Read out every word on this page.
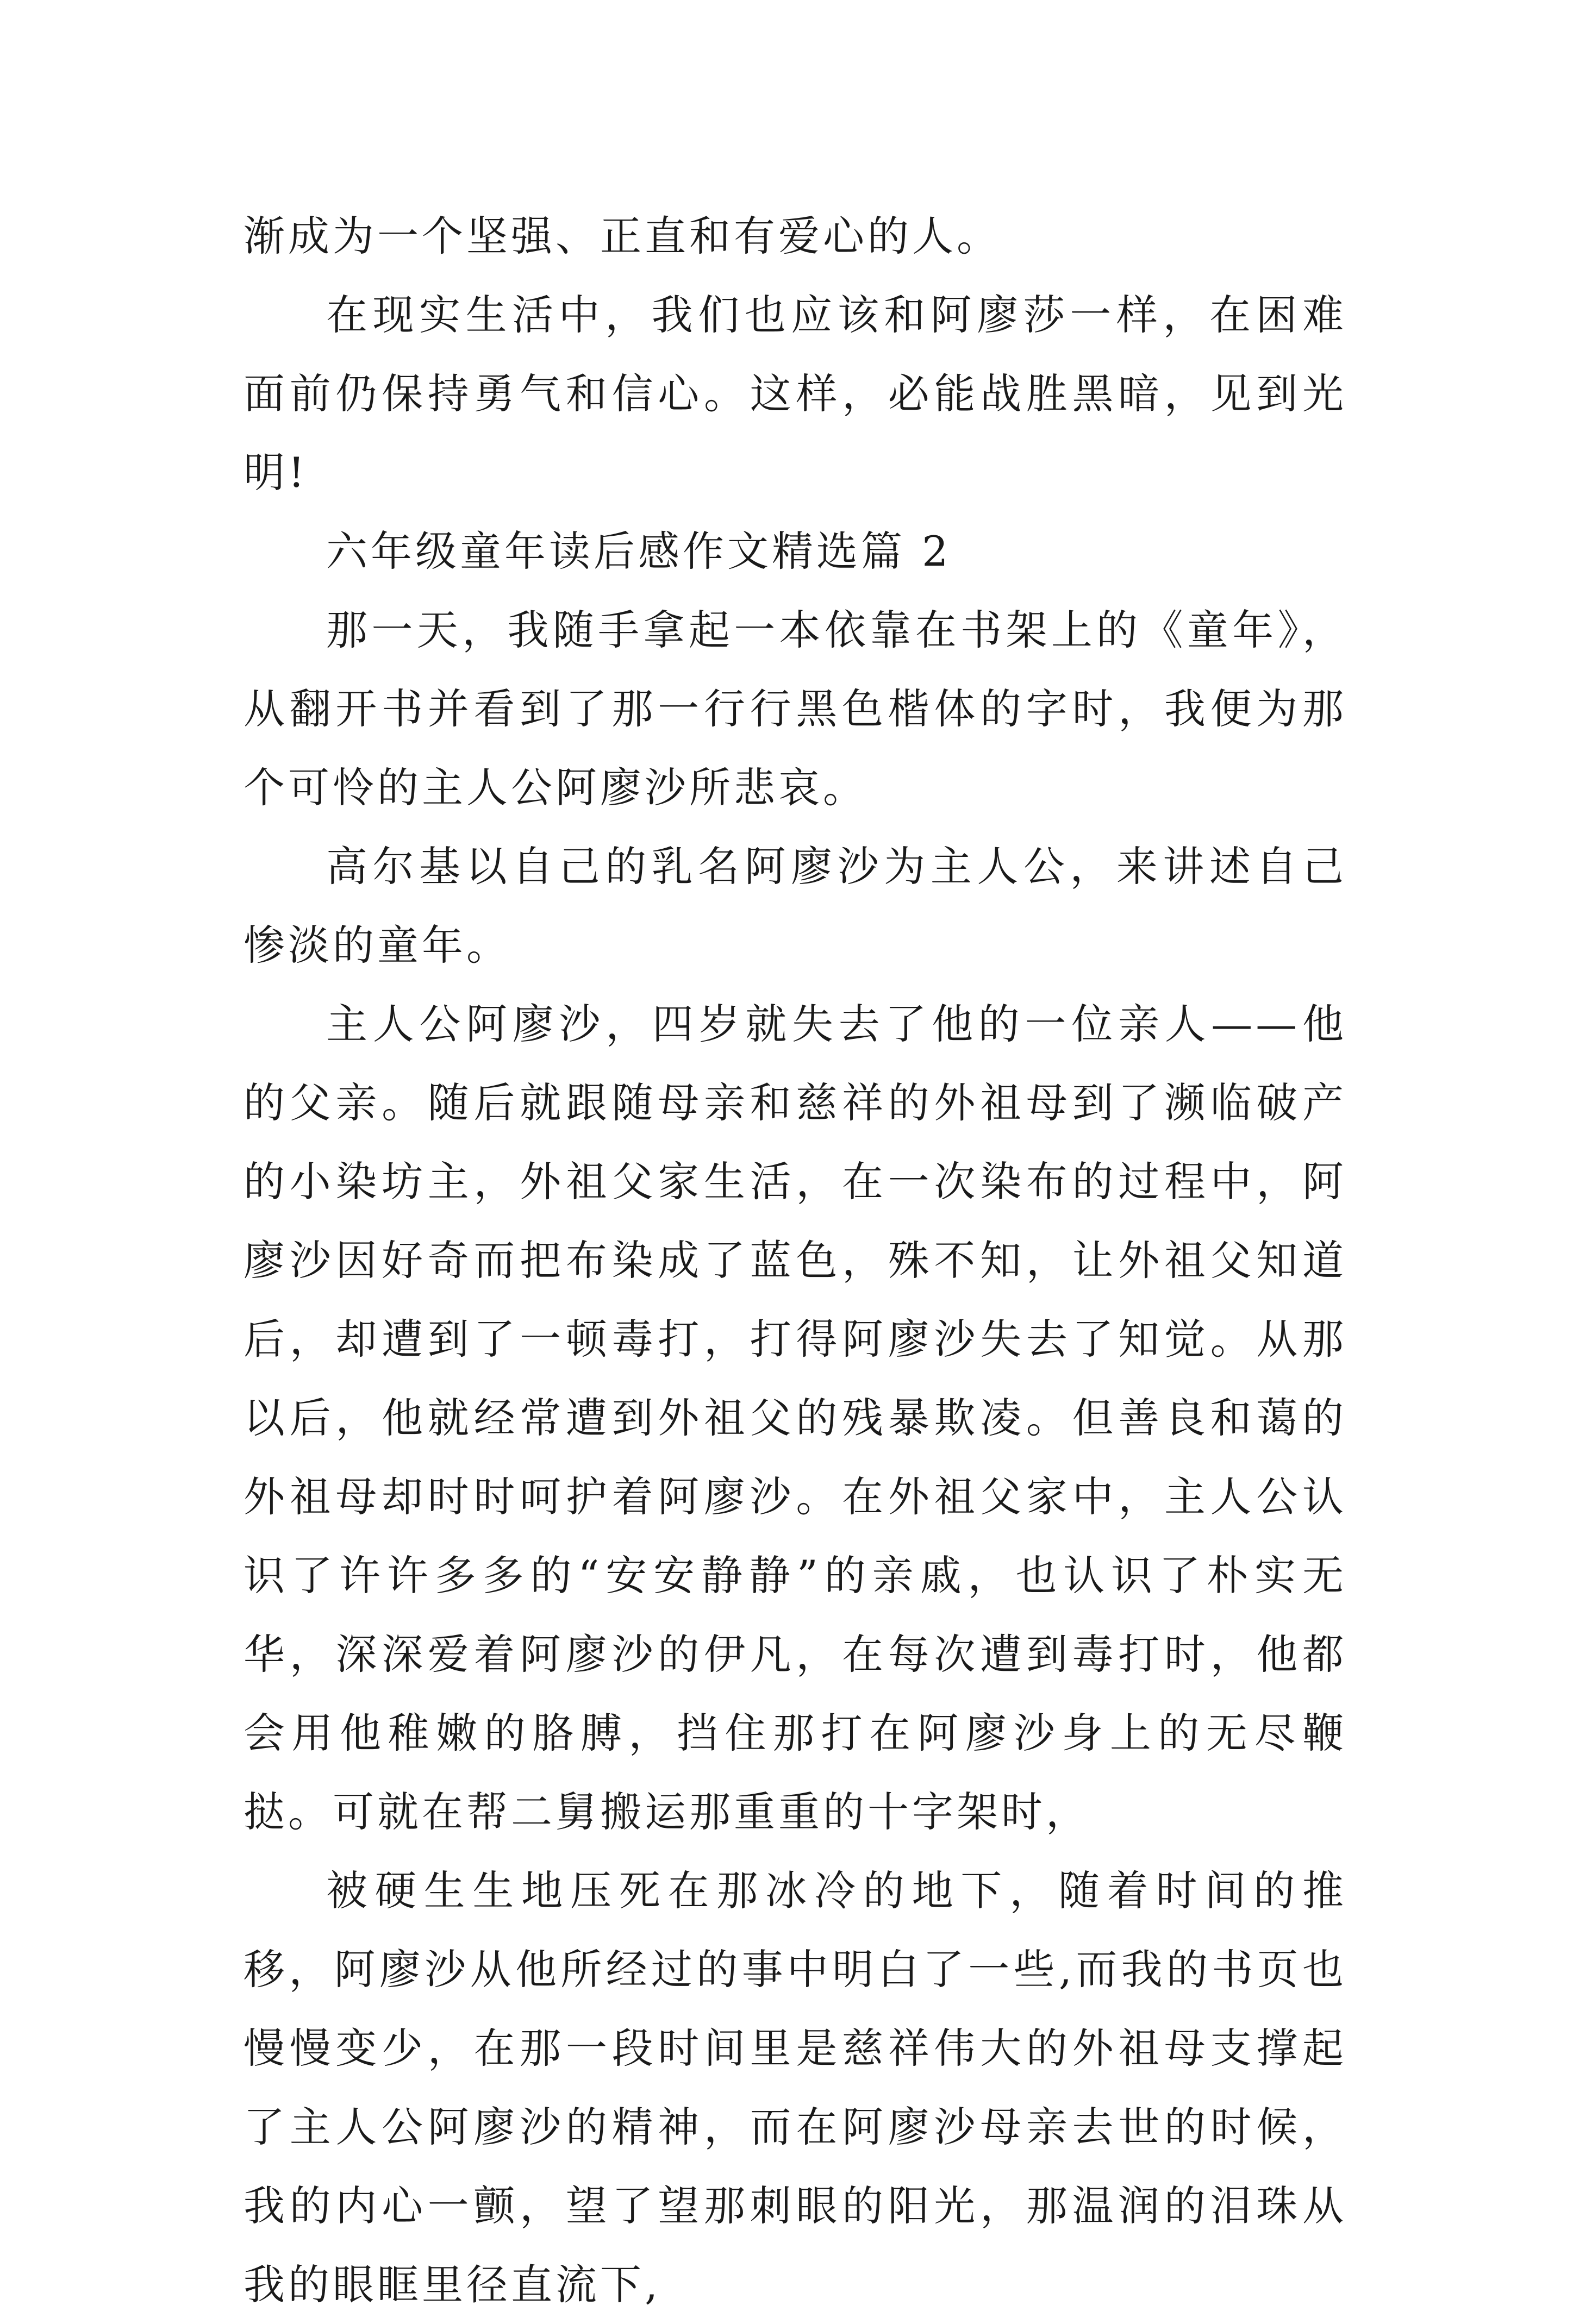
渐成为一个坚强、正直和有爱心的人。

在现实生活中，我们也应该和阿廖莎一样，在困难面前仍保持勇气和信心。这样，必能战胜黑暗，见到光明!

六年级童年读后感作文精选篇 2

那一天，我随手拿起一本依靠在书架上的《童年》，从翻开书并看到了那一行行黑色楷体的字时，我便为那个可怜的主人公阿廖沙所悲哀。

高尔基以自己的乳名阿廖沙为主人公，来讲述自己惨淡的童年。

主人公阿廖沙，四岁就失去了他的一位亲人——他的父亲。随后就跟随母亲和慈祥的外祖母到了濒临破产的小染坊主，外祖父家生活，在一次染布的过程中，阿廖沙因好奇而把布染成了蓝色，殊不知，让外祖父知道后，却遭到了一顿毒打，打得阿廖沙失去了知觉。从那以后，他就经常遭到外祖父的残暴欺凌。但善良和蔼的外祖母却时时呵护着阿廖沙。在外祖父家中，主人公认识了许许多多的“安安静静”的亲戚，也认识了朴实无华，深深爱着阿廖沙的伊凡，在每次遭到毒打时，他都会用他稚嫩的胳膊，挡住那打在阿廖沙身上的无尽鞭挞。可就在帮二舅搬运那重重的十字架时，

被硬生生地压死在那冰冷的地下，随着时间的推移，阿廖沙从他所经过的事中明白了一些,而我的书页也慢慢变少，在那一段时间里是慈祥伟大的外祖母支撑起了主人公阿廖沙的精神，而在阿廖沙母亲去世的时候，我的内心一颤，望了望那刺眼的阳光，那温润的泪珠从我的眼眶里径直流下,
